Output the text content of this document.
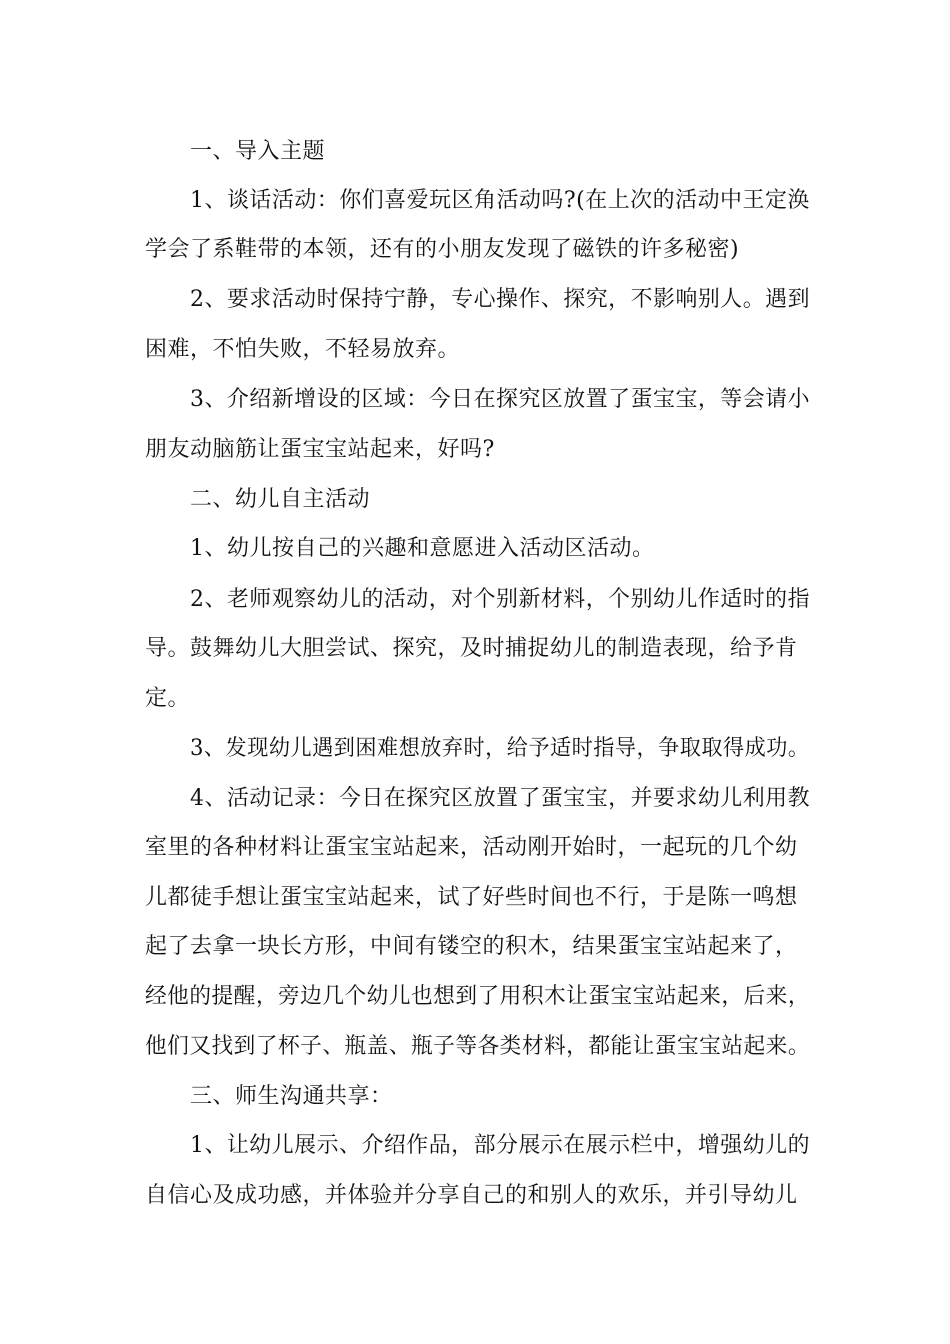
一、导入主题
1、谈话活动：你们喜爱玩区角活动吗?(在上次的活动中王定涣
学会了系鞋带的本领，还有的小朋友发现了磁铁的许多秘密)
2、要求活动时保持宁静，专心操作、探究，不影响别人。遇到
困难，不怕失败，不轻易放弃。
3、介绍新增设的区域：今日在探究区放置了蛋宝宝，等会请小
朋友动脑筋让蛋宝宝站起来，好吗?
二、幼儿自主活动
1、幼儿按自己的兴趣和意愿进入活动区活动。
2、老师观察幼儿的活动，对个别新材料，个别幼儿作适时的指
导。鼓舞幼儿大胆尝试、探究，及时捕捉幼儿的制造表现，给予肯
定。
3、发现幼儿遇到困难想放弃时，给予适时指导，争取取得成功。
4、活动记录：今日在探究区放置了蛋宝宝，并要求幼儿利用教
室里的各种材料让蛋宝宝站起来，活动刚开始时，一起玩的几个幼
儿都徒手想让蛋宝宝站起来，试了好些时间也不行，于是陈一鸣想
起了去拿一块长方形，中间有镂空的积木，结果蛋宝宝站起来了，
经他的提醒，旁边几个幼儿也想到了用积木让蛋宝宝站起来，后来，
他们又找到了杯子、瓶盖、瓶子等各类材料，都能让蛋宝宝站起来。
三、师生沟通共享：
1、让幼儿展示、介绍作品，部分展示在展示栏中，增强幼儿的
自信心及成功感，并体验并分享自己的和别人的欢乐，并引导幼儿
